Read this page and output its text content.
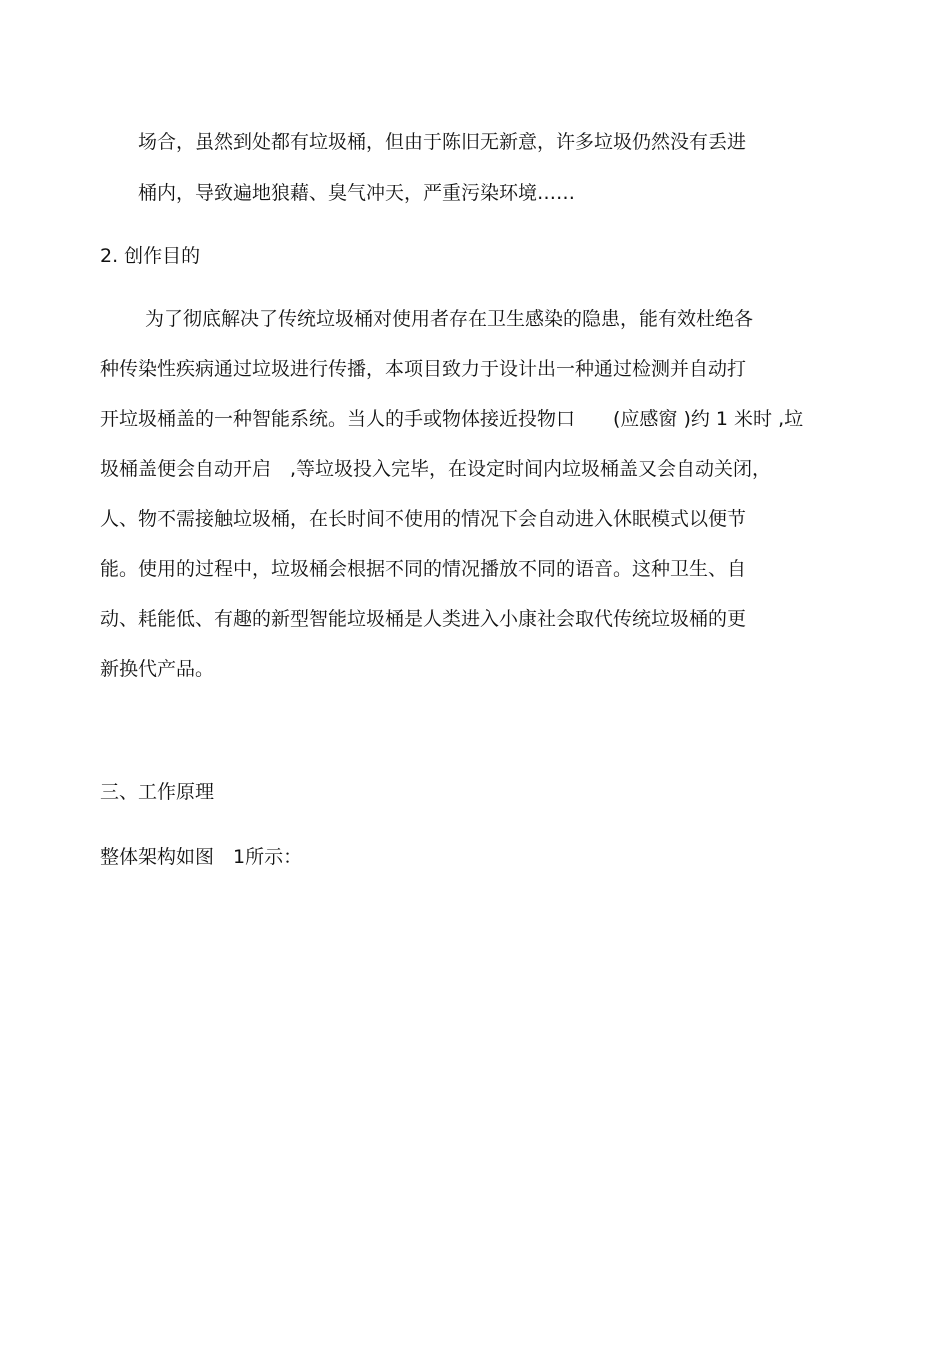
场合，虽然到处都有垃圾桶，但由于陈旧无新意，许多垃圾仍然没有丢进

桶内，导致遍地狼藉、臭气冲天，严重污染环境……

2. 创作目的

为了彻底解决了传统垃圾桶对使用者存在卫生感染的隐患，能有效杜绝各

种传染性疾病通过垃圾进行传播，本项目致力于设计出一种通过检测并自动打

开垃圾桶盖的一种智能系统。当人的手或物体接近投物口　　(应感窗 )约 1 米时 ,垃

圾桶盖便会自动开启　,等垃圾投入完毕，在设定时间内垃圾桶盖又会自动关闭，

人、物不需接触垃圾桶，在长时间不使用的情况下会自动进入休眠模式以便节

能。使用的过程中，垃圾桶会根据不同的情况播放不同的语音。这种卫生、自

动、耗能低、有趣的新型智能垃圾桶是人类进入小康社会取代传统垃圾桶的更

新换代产品。

三、工作原理

整体架构如图　1所示：
